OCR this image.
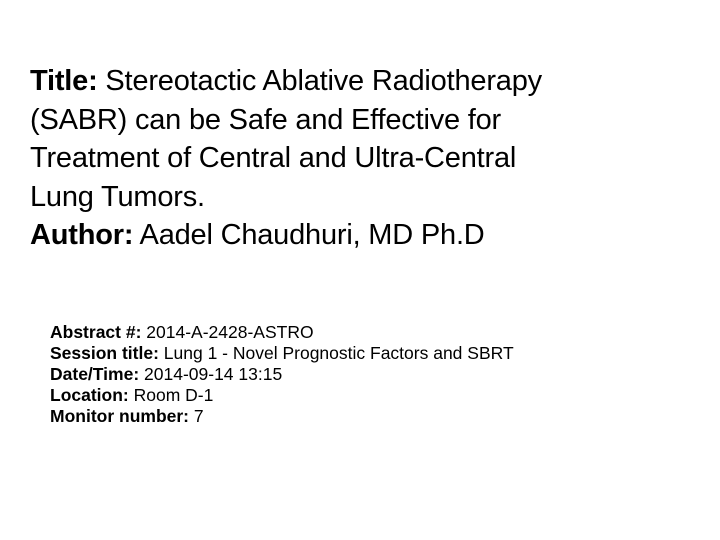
Title: Stereotactic Ablative Radiotherapy
(SABR) can be Safe and Effective for
Treatment of Central and Ultra-Central
Lung Tumors.
Author: Aadel Chaudhuri, MD Ph.D
Abstract #: 2014-A-2428-ASTRO
Session title: Lung 1 - Novel Prognostic Factors and SBRT
Date/Time: 2014-09-14 13:15
Location: Room D-1
Monitor number: 7
